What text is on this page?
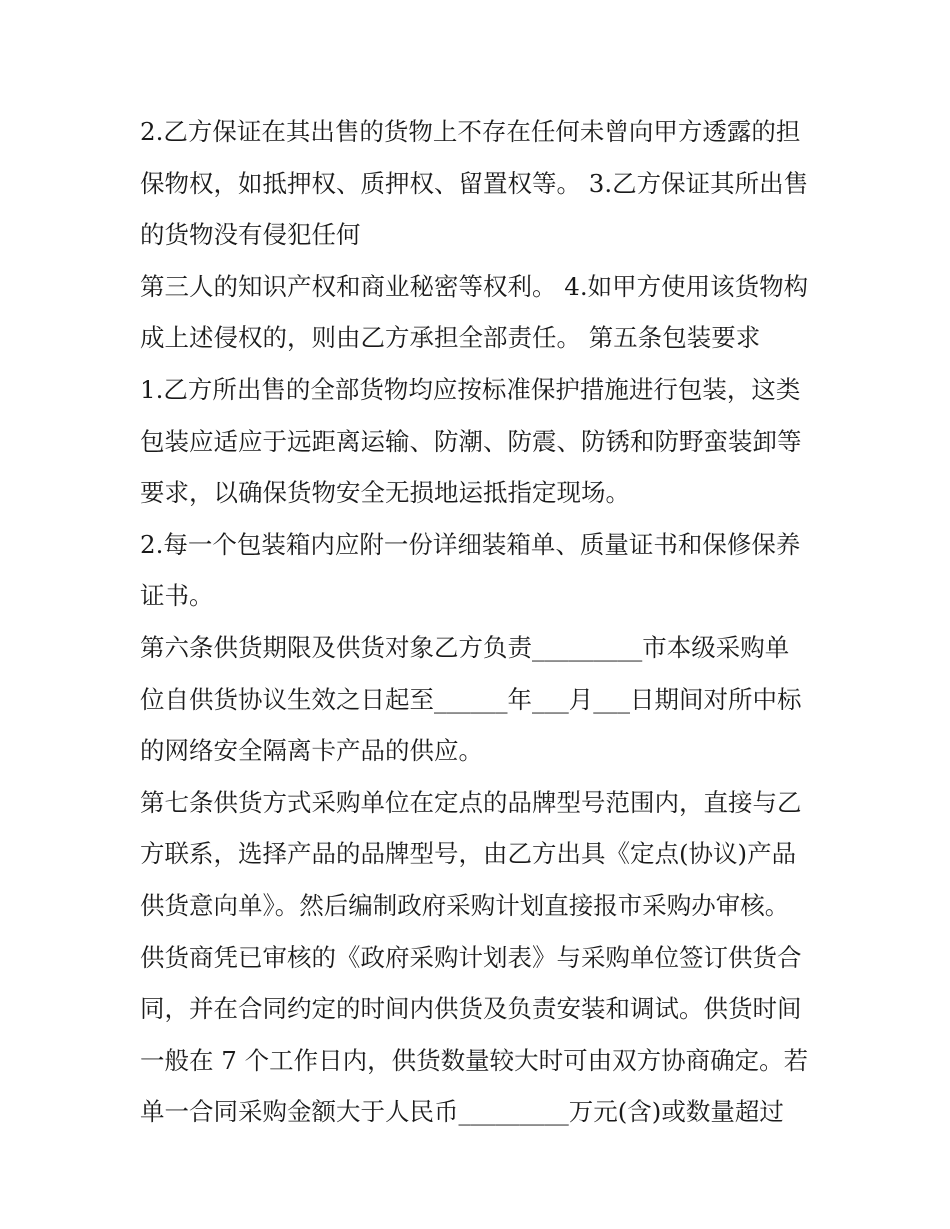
2.乙方保证在其出售的货物上不存在任何未曾向甲方透露的担
保物权，如抵押权、质押权、留置权等。 3.乙方保证其所出售
的货物没有侵犯任何
第三人的知识产权和商业秘密等权利。 4.如甲方使用该货物构
成上述侵权的，则由乙方承担全部责任。 第五条包装要求
1.乙方所出售的全部货物均应按标准保护措施进行包装，这类
包装应适应于远距离运输、防潮、防震、防锈和防野蛮装卸等
要求，以确保货物安全无损地运抵指定现场。
2.每一个包装箱内应附一份详细装箱单、质量证书和保修保养
证书。
第六条供货期限及供货对象乙方负责_________市本级采购单
位自供货协议生效之日起至______年___月___日期间对所中标
的网络安全隔离卡产品的供应。
第七条供货方式采购单位在定点的品牌型号范围内，直接与乙
方联系，选择产品的品牌型号，由乙方出具《定点(协议)产品
供货意向单》。然后编制政府采购计划直接报市采购办审核。
供货商凭已审核的《政府采购计划表》与采购单位签订供货合
同，并在合同约定的时间内供货及负责安装和调试。供货时间
一般在 7 个工作日内，供货数量较大时可由双方协商确定。若
单一合同采购金额大于人民币_________万元(含)或数量超过
